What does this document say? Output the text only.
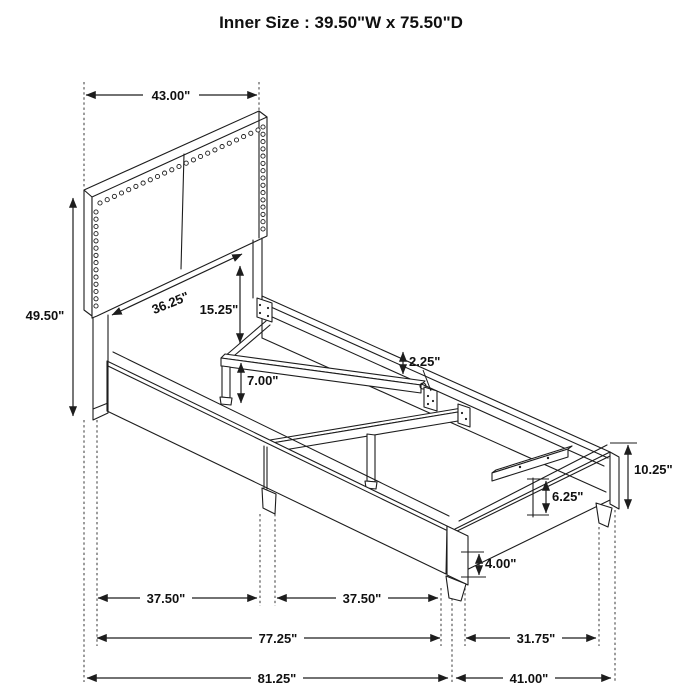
Inner Size : 39.50"W x 75.50"D
43.00"
49.50"	36.25" 15.25"
7.00"
2.25"
10.25"
6.25"
4.00"
37.50"	37.50"
77.25"	31.75"
81.25"	41.00"
